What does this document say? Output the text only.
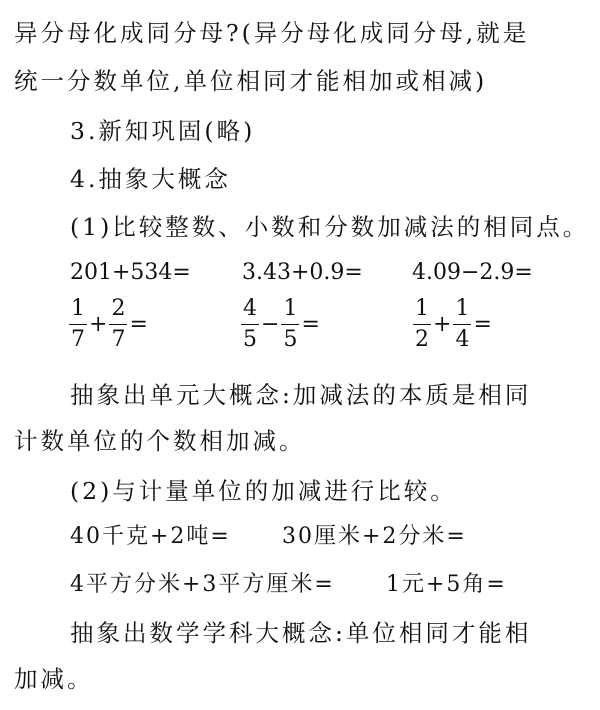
异分母化成同分母?(异分母化成同分母,就是
统一分数单位,单位相同才能相加或相减)
3.新知巩固(略)
4.抽象大概念
(1)比较整数、小数和分数加减法的相同点。
201+534= 3.43+0.9= 4.09−2.9=
$\frac{1}{7} + \frac{2}{7}$ =	$\frac{4}{5} - \frac{1}{5}$ =	$\frac{1}{2} + \frac{1}{4}$ =
抽象出单元大概念:加减法的本质是相同
计数单位的个数相加减。
(2)与计量单位的加减进行比较。
40千克+2吨= 30厘米+2分米=
4平方分米+3平方厘米= 1元+5角=
抽象出数学学科大概念:单位相同才能相
加减。
